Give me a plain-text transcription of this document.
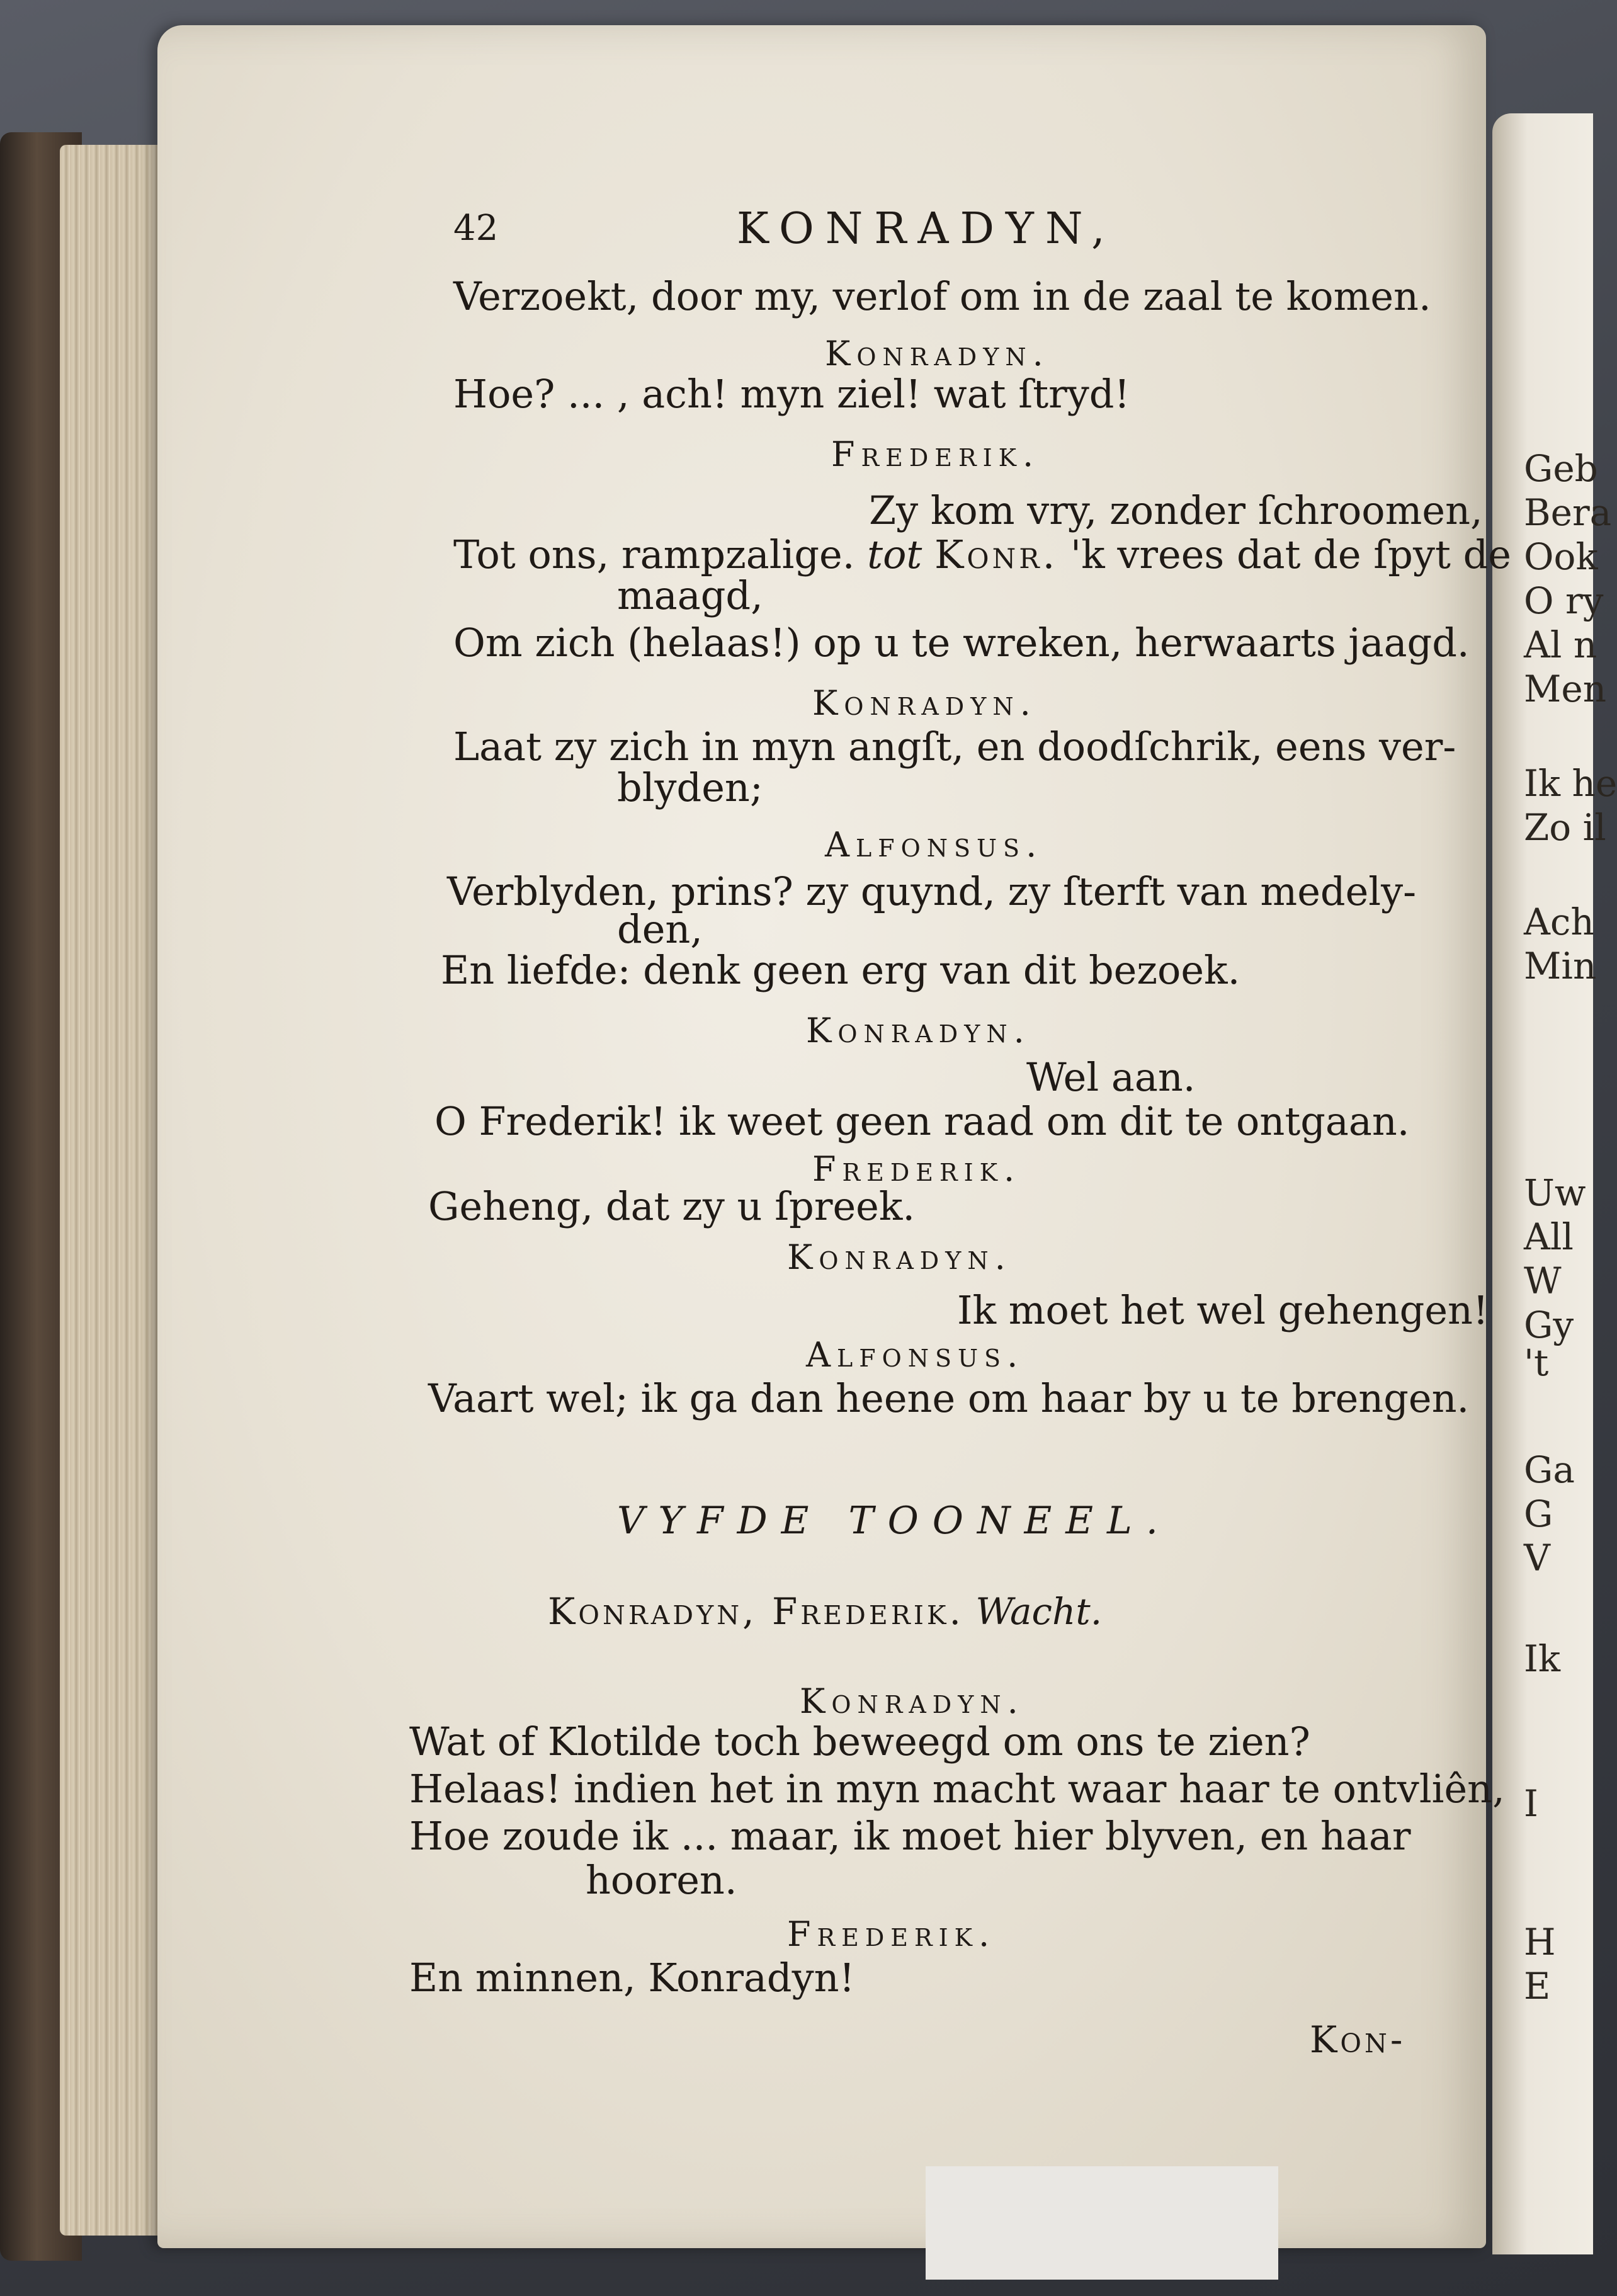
Geb
Bera
Ook
O ry
Al n
Men
Ik he
Zo il
Ach
Min
Uw
All
W
Gy
't
Ga
G
V
Ik
I
H
E
42	KONRADYN,
Verzoekt, door my, verlof om in de zaal te komen.
Konradyn.
Hoe? ... , ach! myn ziel! wat ſtryd!
Frederik.
Zy kom vry, zonder ſchroomen,
Tot ons, rampzalige. tot Konr. 'k vrees dat de ſpyt de
maagd,
Om zich (helaas!) op u te wreken, herwaarts jaagd.
Konradyn.
Laat zy zich in myn angſt, en doodſchrik, eens ver-
blyden;
Alfonsus.
Verblyden, prins? zy quynd, zy ſterft van medely-
den,
En liefde: denk geen erg van dit bezoek.
Konradyn.
Wel aan.
O Frederik! ik weet geen raad om dit te ontgaan.
Frederik.
Geheng, dat zy u ſpreek.
Konradyn.
Ik moet het wel gehengen!
Alfonsus.
Vaart wel; ik ga dan heene om haar by u te brengen.
VYFDE TOONEEL.
Konradyn, Frederik. Wacht.
Konradyn.
Wat of Klotilde toch beweegd om ons te zien?
Helaas! indien het in myn macht waar haar te ontvliên,
Hoe zoude ik ... maar, ik moet hier blyven, en haar
hooren.
Frederik.
En minnen, Konradyn!
Kon-
